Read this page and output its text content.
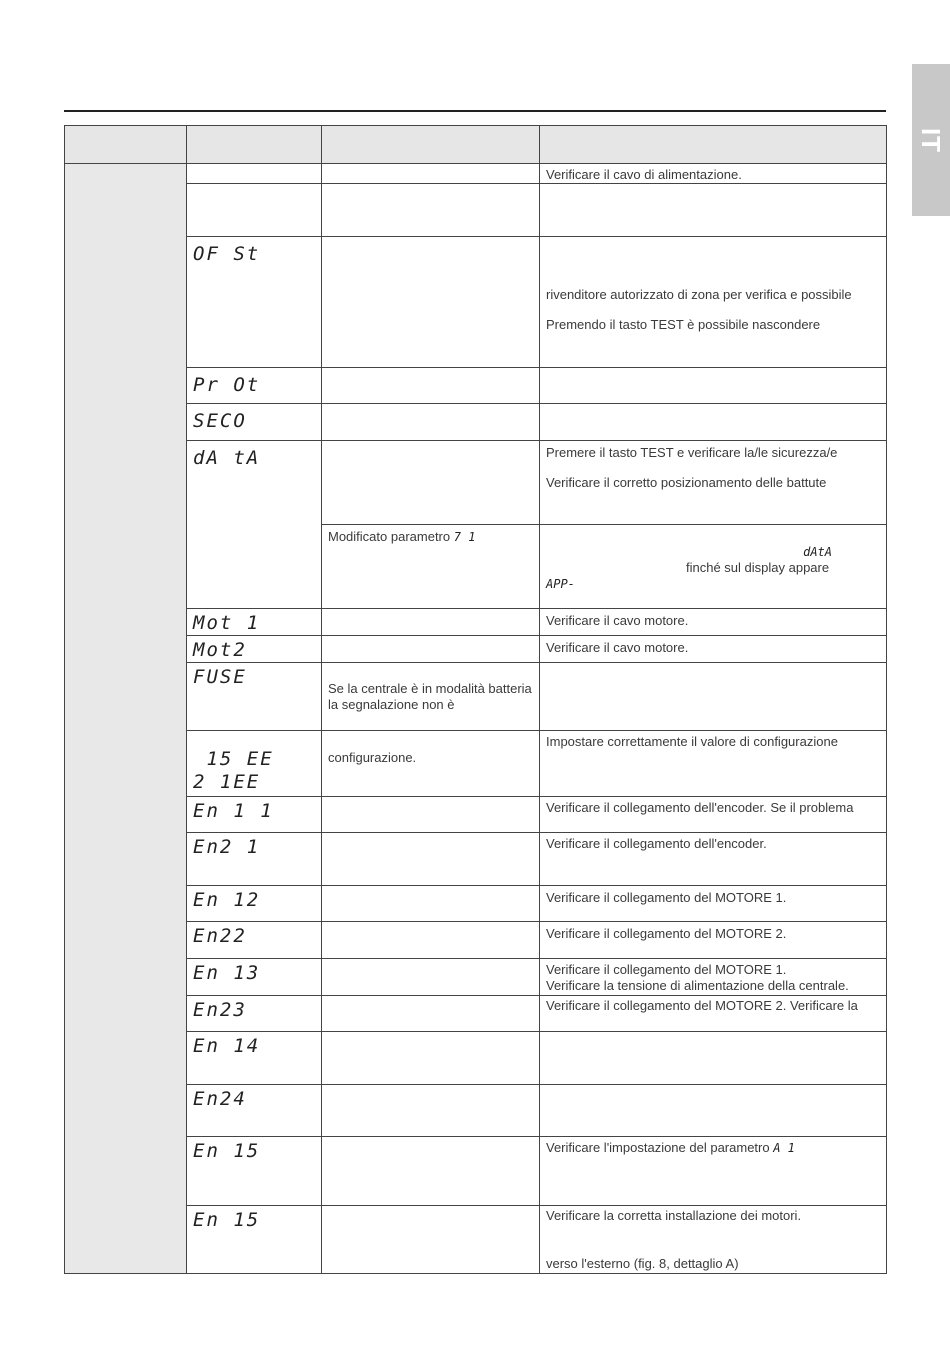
IT

			Verificare il cavo di alimentazione.

	OF St		rivenditore autorizzato di zona per verifica e possibile
Premendo il tasto TEST è possibile nascondere

	Pr Ot		

	SECO		

	dA tA		Premere il tasto TEST e verificare la/le sicurezza/e
Verificare il corretto posizionamento delle battute

		Modificato parametro 7 1	dAtA
finché sul display appare
APP-

	Mot 1		Verificare il cavo motore.

	Mot2		Verificare il cavo motore.

	FUSE	Se la centrale è in modalità batteria la segnalazione non è	

	15 EE
2 1EE	configurazione.	Impostare correttamente il valore di configurazione

	En 1 1		Verificare il collegamento dell'encoder. Se il problema

	En2 1		Verificare il collegamento dell'encoder.

	En 12		Verificare il collegamento del MOTORE 1.

	En22		Verificare il collegamento del MOTORE 2.

	En 13		Verificare il collegamento del MOTORE 1.
Verificare la tensione di alimentazione della centrale.

	En23		Verificare il collegamento del MOTORE 2. Verificare la

	En 14		

	En24		

	En 15		Verificare l'impostazione del parametro A 1

	En 15		Verificare la corretta installazione dei motori.
verso l'esterno (fig. 8, dettaglio A)
